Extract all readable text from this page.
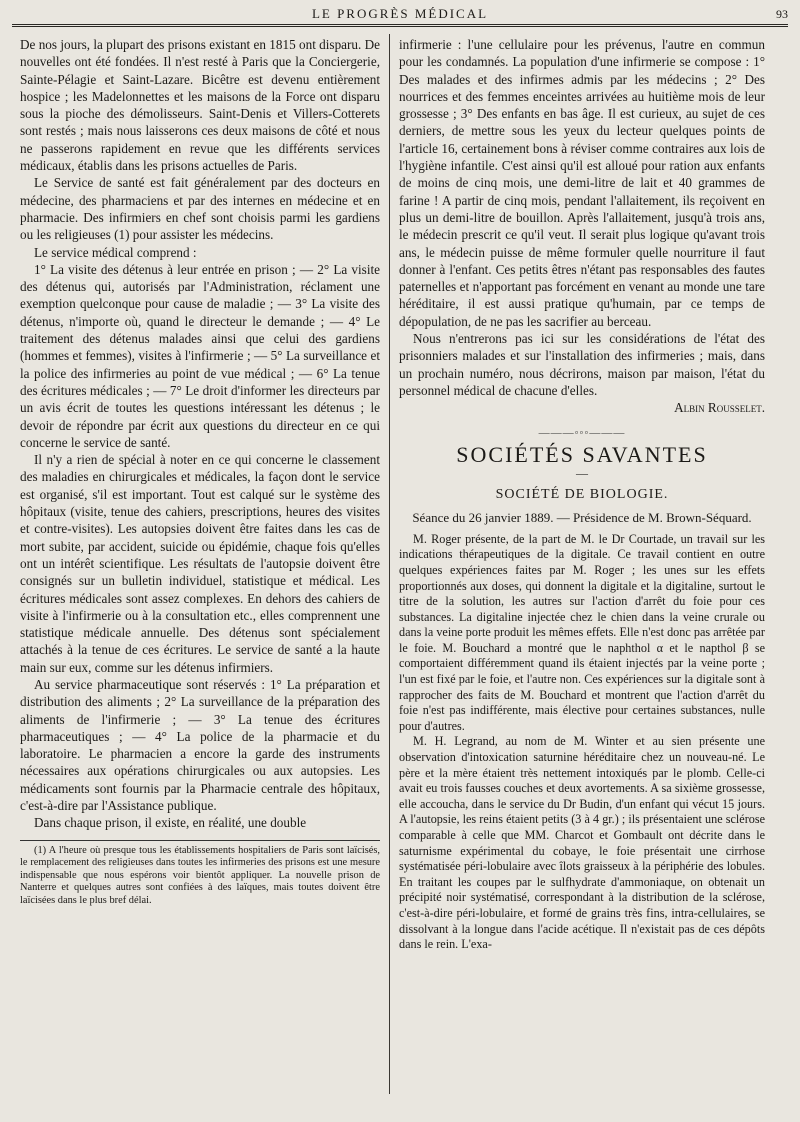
LE PROGRÈS MÉDICAL	93

De nos jours, la plupart des prisons existant en 1815 ont disparu. De nouvelles ont été fondées. Il n'est resté à Paris que la Conciergerie, Sainte-Pélagie et Saint-Lazare. Bicêtre est devenu entièrement hospice ; les Madelonnettes et les maisons de la Force ont disparu sous la pioche des démolisseurs. Saint-Denis et Villers-Cotterets sont restés ; mais nous laisserons ces deux maisons de côté et nous ne passerons rapidement en revue que les différents services médicaux, établis dans les prisons actuelles de Paris.

Le Service de santé est fait généralement par des docteurs en médecine, des pharmaciens et par des internes en médecine et en pharmacie. Des infirmiers en chef sont choisis parmi les gardiens ou les religieuses (1) pour assister les médecins.

Le service médical comprend :

1° La visite des détenus à leur entrée en prison ; — 2° La visite des détenus qui, autorisés par l'Administration, réclament une exemption quelconque pour cause de maladie ; — 3° La visite des détenus, n'importe où, quand le directeur le demande ; — 4° Le traitement des détenus malades ainsi que celui des gardiens (hommes et femmes), visites à l'infirmerie ; — 5° La surveillance et la police des infirmeries au point de vue médical ; — 6° La tenue des écritures médicales ; — 7° Le droit d'informer les directeurs par un avis écrit de toutes les questions intéressant les détenus ; le devoir de répondre par écrit aux questions du directeur en ce qui concerne le service de santé.

Il n'y a rien de spécial à noter en ce qui concerne le classement des maladies en chirurgicales et médicales, la façon dont le service est organisé, s'il est important. Tout est calqué sur le système des hôpitaux (visite, tenue des cahiers, prescriptions, heures des visites et contre-visites). Les autopsies doivent être faites dans les cas de mort subite, par accident, suicide ou épidémie, chaque fois qu'elles ont un intérêt scientifique. Les résultats de l'autopsie doivent être consignés sur un bulletin individuel, statistique et médical. Les écritures médicales sont assez complexes. En dehors des cahiers de visite à l'infirmerie ou à la consultation etc., elles comprennent une statistique médicale annuelle. Des détenus sont spécialement attachés à la tenue de ces écritures. Le service de santé a la haute main sur eux, comme sur les détenus infirmiers.

Au service pharmaceutique sont réservés : 1° La préparation et distribution des aliments ; 2° La surveillance de la préparation des aliments de l'infirmerie ; — 3° La tenue des écritures pharmaceutiques ; — 4° La police de la pharmacie et du laboratoire. Le pharmacien a encore la garde des instruments nécessaires aux opérations chirurgicales ou aux autopsies. Les médicaments sont fournis par la Pharmacie centrale des hôpitaux, c'est-à-dire par l'Assistance publique.

Dans chaque prison, il existe, en réalité, une double

(1) A l'heure où presque tous les établissements hospitaliers de Paris sont laïcisés, le remplacement des religieuses dans toutes les infirmeries des prisons est une mesure indispensable que nous espérons voir bientôt appliquer. La nouvelle prison de Nanterre et quelques autres sont confiées à des laïques, mais toutes doivent être laïcisées dans le plus bref délai.

infirmerie : l'une cellulaire pour les prévenus, l'autre en commun pour les condamnés. La population d'une infirmerie se compose : 1° Des malades et des infirmes admis par les médecins ; 2° Des nourrices et des femmes enceintes arrivées au huitième mois de leur grossesse ; 3° Des enfants en bas âge. Il est curieux, au sujet de ces derniers, de mettre sous les yeux du lecteur quelques points de l'article 16, certainement bons à réviser comme contraires aux lois de l'hygiène infantile. C'est ainsi qu'il est alloué pour ration aux enfants de moins de cinq mois, une demi-litre de lait et 40 grammes de farine ! A partir de cinq mois, pendant l'allaitement, ils reçoivent en plus un demi-litre de bouillon. Après l'allaitement, jusqu'à trois ans, le médecin prescrit ce qu'il veut. Il serait plus logique qu'avant trois ans, le médecin puisse de même formuler quelle nourriture il faut donner à l'enfant. Ces petits êtres n'étant pas responsables des fautes paternelles et n'apportant pas forcément en venant au monde une tare héréditaire, il est aussi pratique qu'humain, par ce temps de dépopulation, de ne pas les sacrifier au berceau.

Nous n'entrerons pas ici sur les considérations de l'état des prisonniers malades et sur l'installation des infirmeries ; mais, dans un prochain numéro, nous décrirons, maison par maison, l'état du personnel médical de chacune d'elles.

Albin Rousselet.

———◦◦◦———
SOCIÉTÉS SAVANTES
—
SOCIÉTÉ DE BIOLOGIE.
Séance du 26 janvier 1889. — Présidence de M. Brown-Séquard.

M. Roger présente, de la part de M. le Dr Courtade, un travail sur les indications thérapeutiques de la digitale. Ce travail contient en outre quelques expériences faites par M. Roger ; les unes sur les effets proportionnés aux doses, qui donnent la digitale et la digitaline, surtout le titre de la solution, les autres sur l'action d'arrêt du foie pour ces substances. La digitaline injectée chez le chien dans la veine crurale ou dans la veine porte produit les mêmes effets. Elle n'est donc pas arrêtée par le foie. M. Bouchard a montré que le naphthol α et le napthol β se comportaient différemment quand ils étaient injectés par la veine porte ; l'un est fixé par le foie, et l'autre non. Ces expériences sur la digitale sont à rapprocher des faits de M. Bouchard et montrent que l'action d'arrêt du foie n'est pas indifférente, mais élective pour certaines substances, nulle pour d'autres.

M. H. Legrand, au nom de M. Winter et au sien présente une observation d'intoxication saturnine héréditaire chez un nouveau-né. Le père et la mère étaient très nettement intoxiqués par le plomb. Celle-ci avait eu trois fausses couches et deux avortements. A sa sixième grossesse, elle accoucha, dans le service du Dr Budin, d'un enfant qui vécut 15 jours. A l'autopsie, les reins étaient petits (3 à 4 gr.) ; ils présentaient une sclérose comparable à celle que MM. Charcot et Gombault ont décrite dans le saturnisme expérimental du cobaye, le foie présentait une cirrhose systématisée péri-lobulaire avec îlots graisseux à la périphérie des lobules. En traitant les coupes par le sulfhydrate d'ammoniaque, on obtenait un précipité noir systématisé, correspondant à la distribution de la sclérose, c'est-à-dire péri-lobulaire, et formé de grains très fins, intra-cellulaires, se dissolvant à la longue dans l'acide acétique. Il n'existait pas de ces dépôts dans le rein. L'exa-
